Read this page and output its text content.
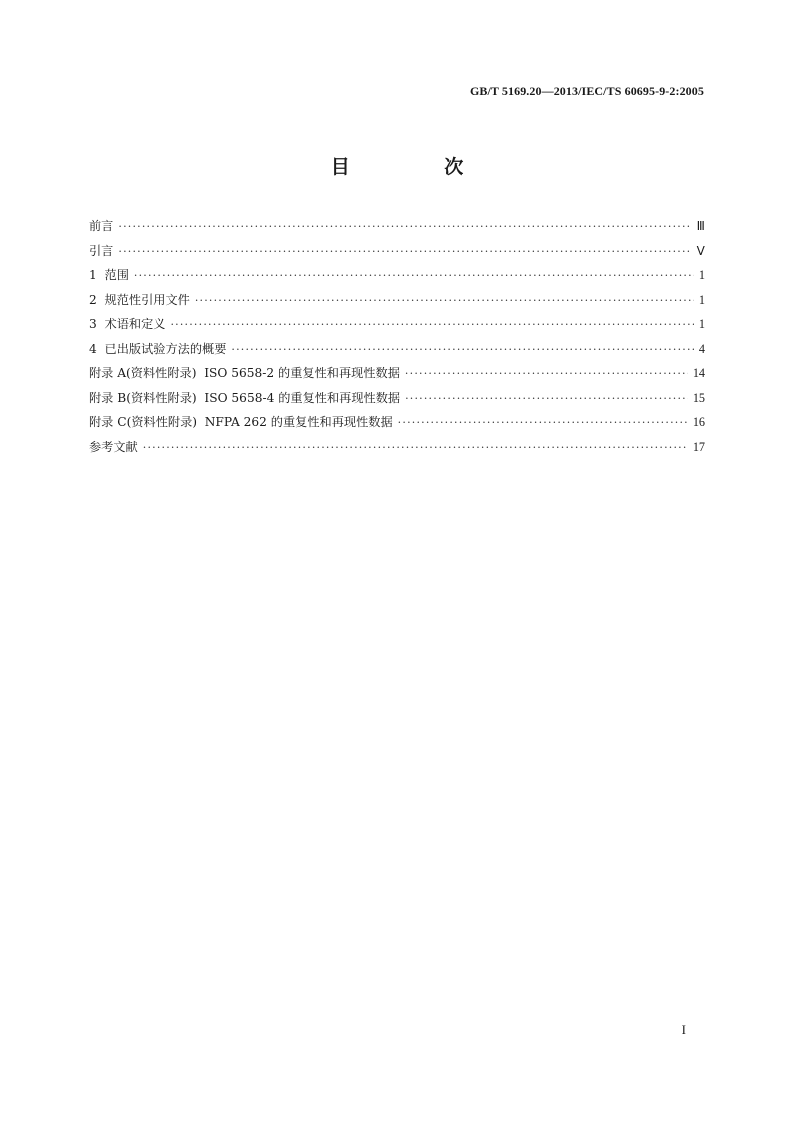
GB/T 5169.20—2013/IEC/TS 60695-9-2:2005
目 次
前言 ·····	Ⅲ
引言 ·····	Ⅴ
1  范围 ·····	1
2  规范性引用文件 ·····	1
3  术语和定义 ·····	1
4  已出版试验方法的概要 ·····	4
附录 A(资料性附录)  ISO 5658-2 的重复性和再现性数据 ·····	14
附录 B(资料性附录)  ISO 5658-4 的重复性和再现性数据 ·····	15
附录 C(资料性附录)  NFPA 262 的重复性和再现性数据 ·····	16
参考文献 ·····	17
I
